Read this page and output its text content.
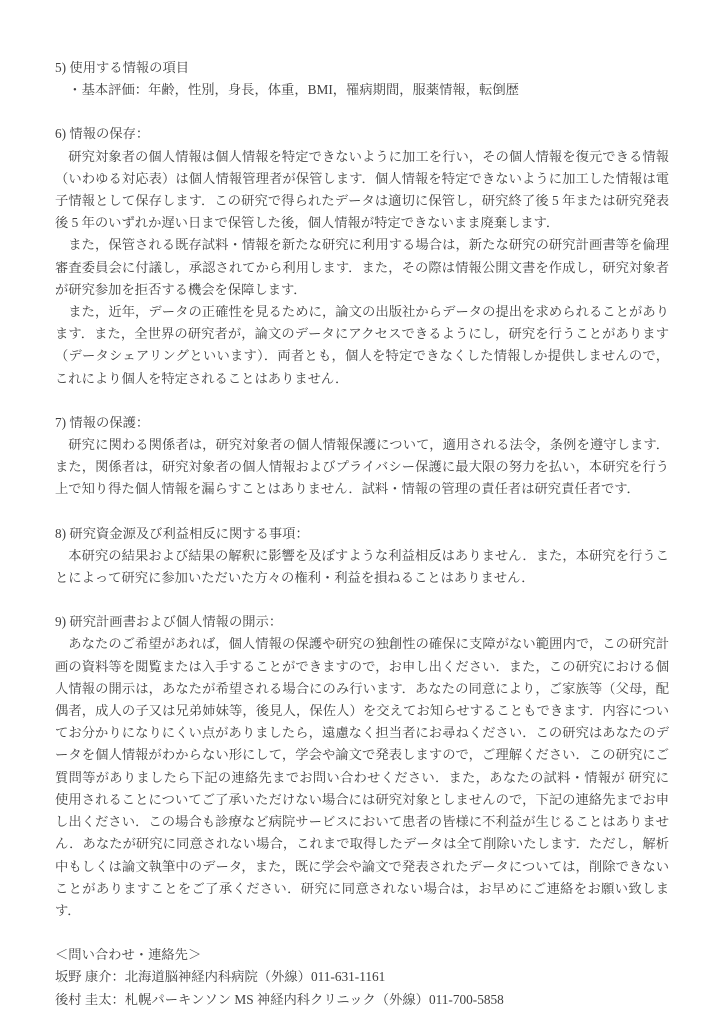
5) 使用する情報の項目
・基本評価：年齢，性別，身長，体重，BMI，罹病期間，服薬情報，転倒歴
6) 情報の保存：

研究対象者の個人情報は個人情報を特定できないように加工を行い，その個人情報を復元できる情報（いわゆる対応表）は個人情報管理者が保管します．個人情報を特定できないように加工した情報は電子情報として保存します．この研究で得られたデータは適切に保管し，研究終了後 5 年または研究発表後 5 年のいずれか遅い日まで保管した後，個人情報が特定できないまま廃棄します．

また，保管される既存試料・情報を新たな研究に利用する場合は，新たな研究の研究計画書等を倫理審査委員会に付議し，承認されてから利用します．また，その際は情報公開文書を作成し，研究対象者が研究参加を拒否する機会を保障します．

また，近年，データの正確性を見るために，論文の出版社からデータの提出を求められることがあります．また，全世界の研究者が，論文のデータにアクセスできるようにし，研究を行うことがあります（データシェアリングといいます）．両者とも，個人を特定できなくした情報しか提供しませんので，これにより個人を特定されることはありません．

7) 情報の保護：

研究に関わる関係者は，研究対象者の個人情報保護について，適用される法令，条例を遵守します．また，関係者は，研究対象者の個人情報およびプライバシー保護に最大限の努力を払い，本研究を行う上で知り得た個人情報を漏らすことはありません．試料・情報の管理の責任者は研究責任者です．

8) 研究資金源及び利益相反に関する事項：

本研究の結果および結果の解釈に影響を及ぼすような利益相反はありません．また，本研究を行うことによって研究に参加いただいた方々の権利・利益を損ねることはありません．

9) 研究計画書および個人情報の開示：

あなたのご希望があれば，個人情報の保護や研究の独創性の確保に支障がない範囲内で，この研究計画の資料等を閲覧または入手することができますので，お申し出ください．また，この研究における個人情報の開示は，あなたが希望される場合にのみ行います．あなたの同意により，ご家族等（父母，配偶者，成人の子又は兄弟姉妹等，後見人，保佐人）を交えてお知らせすることもできます．内容についてお分かりになりにくい点がありましたら，遠慮なく担当者にお尋ねください．この研究はあなたのデータを個人情報がわからない形にして，学会や論文で発表しますので，ご理解ください．この研究にご質問等がありましたら下記の連絡先までお問い合わせください．また，あなたの試料・情報が 研究に使用されることについてご了承いただけない場合には研究対象としませんので，下記の連絡先までお申し出ください．この場合も診療など病院サービスにおいて患者の皆様に不利益が生じることはありません．あなたが研究に同意されない場合，これまで取得したデータは全て削除いたします．ただし，解析中もしくは論文執筆中のデータ，また，既に学会や論文で発表されたデータについては，削除できないことがありますことをご了承ください．研究に同意されない場合は，お早めにご連絡をお願い致します．

＜問い合わせ・連絡先＞
坂野 康介：北海道脳神経内科病院（外線）011-631-1161
後村 圭太：札幌パーキンソン MS 神経内科クリニック（外線）011-700-5858
